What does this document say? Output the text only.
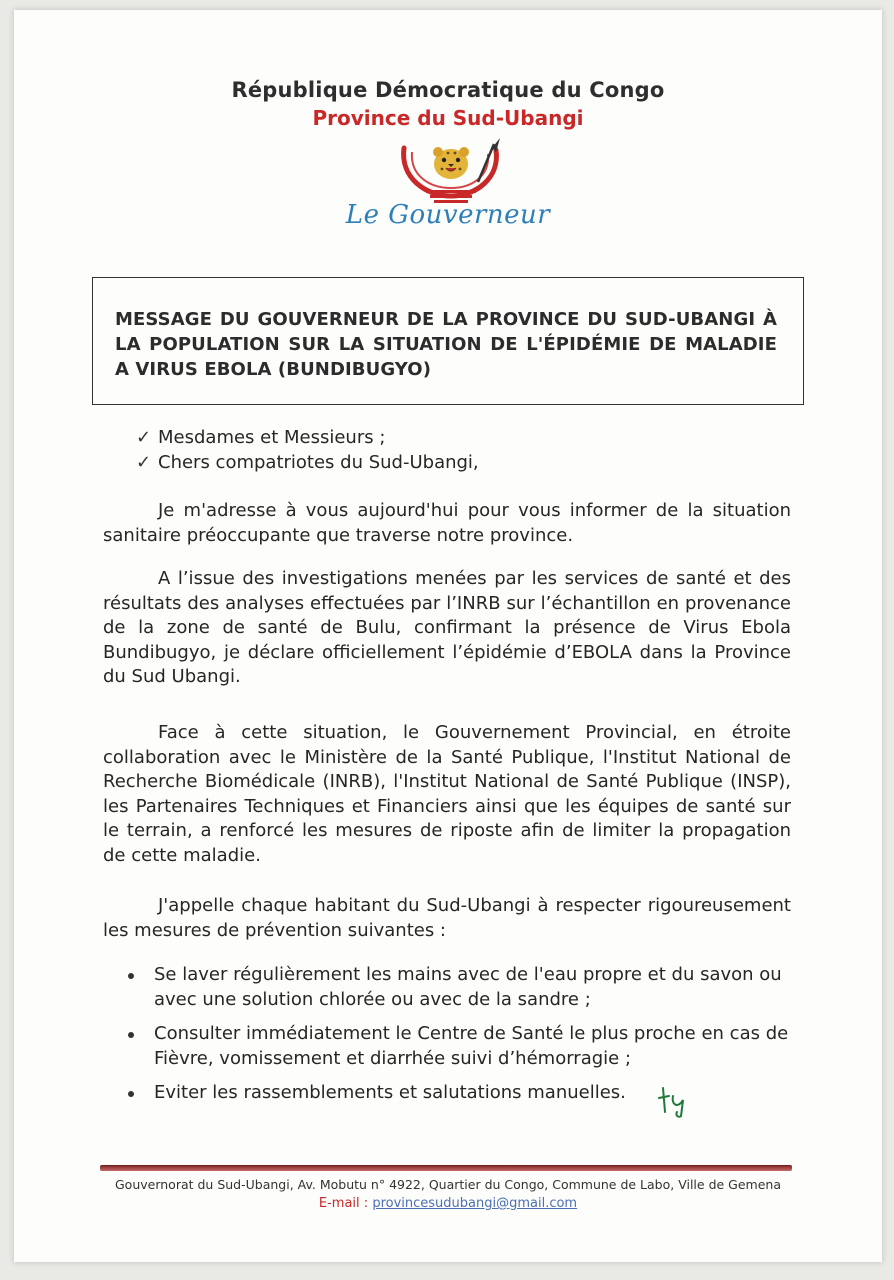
République Démocratique du Congo
Province du Sud-Ubangi
Le Gouverneur
MESSAGE DU GOUVERNEUR DE LA PROVINCE DU SUD-UBANGI À LA POPULATION SUR LA SITUATION DE L'ÉPIDÉMIE DE MALADIE A VIRUS EBOLA (BUNDIBUGYO)
✓ Mesdames et Messieurs ;
✓ Chers compatriotes du Sud-Ubangi,

Je m'adresse à vous aujourd'hui pour vous informer de la situation sanitaire préoccupante que traverse notre province.

A l’issue des investigations menées par les services de santé et des résultats des analyses effectuées par l’INRB sur l’échantillon en provenance de la zone de santé de Bulu, confirmant la présence de Virus Ebola Bundibugyo, je déclare officiellement l’épidémie d’EBOLA dans la Province du Sud Ubangi.

Face à cette situation, le Gouvernement Provincial, en étroite collaboration avec le Ministère de la Santé Publique, l'Institut National de Recherche Biomédicale (INRB), l'Institut National de Santé Publique (INSP), les Partenaires Techniques et Financiers ainsi que les équipes de santé sur le terrain, a renforcé les mesures de riposte afin de limiter la propagation de cette maladie.

J'appelle chaque habitant du Sud-Ubangi à respecter rigoureusement les mesures de prévention suivantes :

Se laver régulièrement les mains avec de l'eau propre et du savon ou avec une solution chlorée ou avec de la sandre ;
Consulter immédiatement le Centre de Santé le plus proche en cas de Fièvre, vomissement et diarrhée suivi d’hémorragie ;
Eviter les rassemblements et salutations manuelles.
Gouvernorat du Sud-Ubangi, Av. Mobutu n° 4922, Quartier du Congo, Commune de Labo, Ville de Gemena
E-mail : provincesudubangi@gmail.com
